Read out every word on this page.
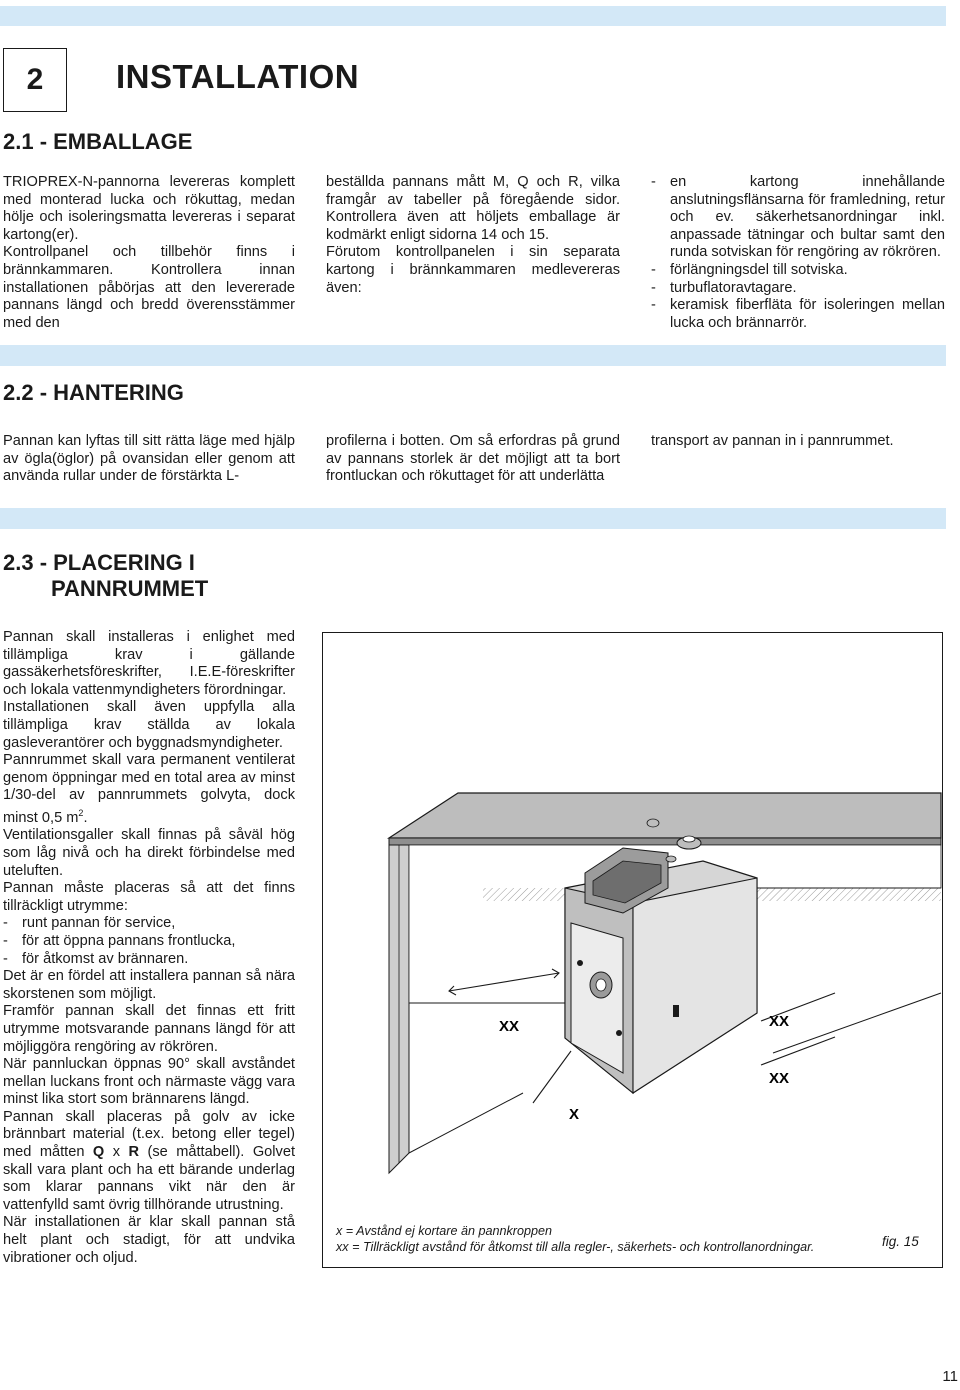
2	INSTALLATION
2.1 - EMBALLAGE

TRIOPREX-N-pannorna levereras komplett med monterad lucka och rökuttag, medan hölje och isoleringsmatta levereras i separat kartong(er).

Kontrollpanel och tillbehör finns i brännkammaren. Kontrollera innan installationen påbörjas att den levererade pannans längd och bredd överensstämmer med den

beställda pannans mått M, Q och R, vilka framgår av tabeller på föregående sidor. Kontrollera även att höljets emballage är kodmärkt enligt sidorna 14 och 15.

Förutom kontrollpanelen i sin separata kartong i brännkammaren medlevereras även:

- en kartong innehållande anslutningsflänsarna för framledning, retur och ev. säkerhetsanordningar inkl. anpassade tätningar och bultar samt den runda sotviskan för rengöring av rökrören.
- förlängningsdel till sotviska.
- turbuflatoravtagare.
- keramisk fiberfläta för isoleringen mellan lucka och brännarrör.
2.2 - HANTERING

Pannan kan lyftas till sitt rätta läge med hjälp av ögla(öglor) på ovansidan eller genom att använda rullar under de förstärkta L-

profilerna i botten. Om så erfordras på grund av pannans storlek är det möjligt att ta bort frontluckan och rökuttaget för att underlätta

transport av pannan in i pannrummet.

2.3 - PLACERING I
PANNRUMMET

Pannan skall installeras i enlighet med tillämpliga krav i gällande gassäkerhetsföreskrifter, I.E.E-föreskrifter och lokala vattenmyndigheters förordningar.

Installationen skall även uppfylla alla tillämpliga krav ställda av lokala gasleverantörer och byggnadsmyndigheter.

Pannrummet skall vara permanent ventilerat genom öppningar med en total area av minst 1/30-del av pannrummets golvyta, dock minst 0,5 $m^2$.

Ventilationsgaller skall finnas på såväl hög som låg nivå och ha direkt förbindelse med uteluften.

Pannan måste placeras så att det finns tillräckligt utrymme:

- runt pannan för service,
- för att öppna pannans frontlucka,
- för åtkomst av brännaren.

Det är en fördel att installera pannan så nära skorstenen som möjligt.

Framför pannan skall det finnas ett fritt utrymme motsvarande pannans längd för att möjliggöra rengöring av rökrören.

När pannluckan öppnas 90° skall avståndet mellan luckans front och närmaste vägg vara minst lika stort som brännarens längd.

Pannan skall placeras på golv av icke brännbart material (t.ex. betong eller tegel) med måtten Q x R (se måttabell). Golvet skall vara plant och ha ett bärande underlag som klarar pannans vikt när den är vattenfylld samt övrig tillhörande utrustning.

När installationen är klar skall pannan stå helt plant och stadigt, för att undvika vibrationer och oljud.

XX	XX
XX
X
x = Avstånd ej kortare än pannkroppen
xx = Tillräckligt avstånd för åtkomst till alla regler-, säkerhets- och kontrollanordningar.	fig. 15
11
